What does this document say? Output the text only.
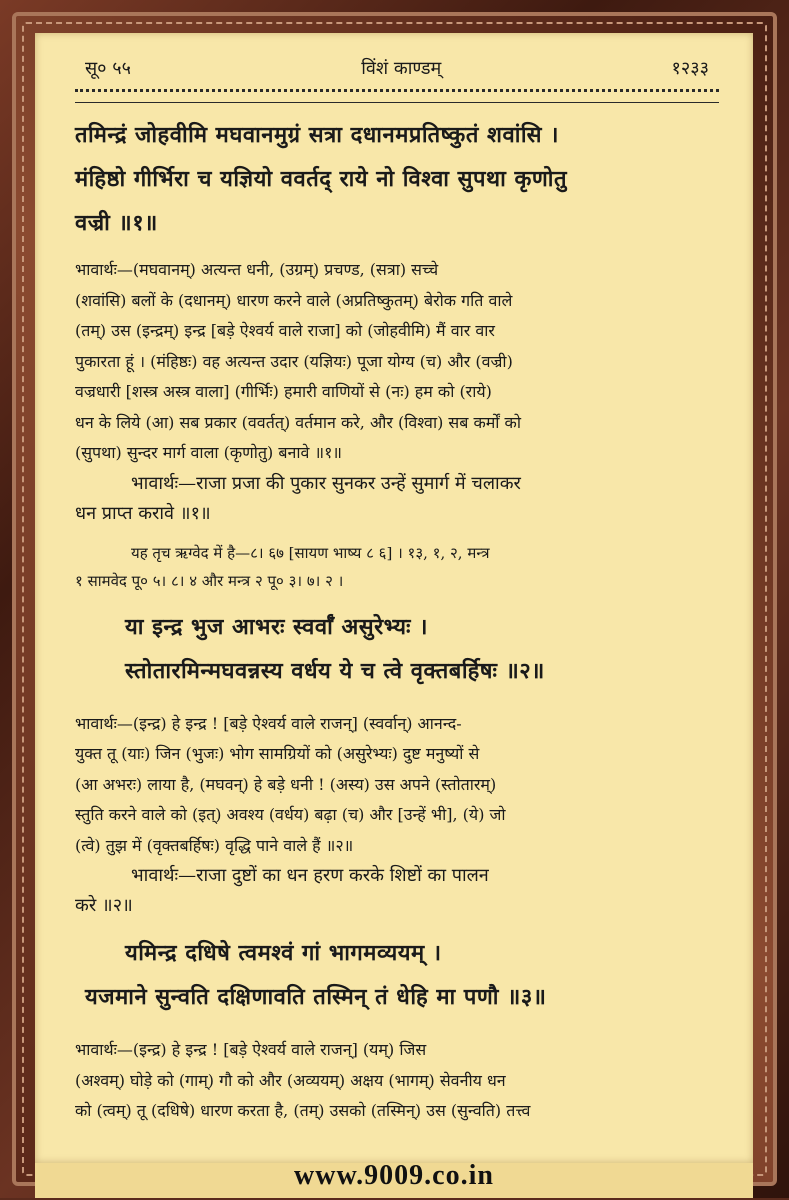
सू० ५५	विंशं काण्डम्	१२३३

तमिन्द्रं जोहवीमि मघवानमुग्रं सत्रा दधानमप्रतिष्कुतं शवांसि ।

मंहिष्ठो गीर्भिरा च यज्ञियो ववर्तद् राये नो विश्वा सुपथा कृणोतु

वज्री ॥१॥

भावार्थः—(मघवानम्) अत्यन्त धनी, (उग्रम्) प्रचण्ड, (सत्रा) सच्चे

(शवांसि) बलों के (दधानम्) धारण करने वाले (अप्रतिष्कुतम्) बेरोक गति वाले

(तम्) उस (इन्द्रम्) इन्द्र [बड़े ऐश्वर्य वाले राजा] को (जोहवीमि) मैं वार वार

पुकारता हूं । (मंहिष्ठः) वह अत्यन्त उदार (यज्ञियः) पूजा योग्य (च) और (वज्री)

वज्रधारी [शस्त्र अस्त्र वाला] (गीर्भिः) हमारी वाणियों से (नः) हम को (राये)

धन के लिये (आ) सब प्रकार (ववर्तत्) वर्तमान करे, और (विश्वा) सब कर्मों को

(सुपथा) सुन्दर मार्ग वाला (कृणोतु) बनावे ॥१॥

भावार्थः—राजा प्रजा की पुकार सुनकर उन्हें सुमार्ग में चलाकर

धन प्राप्त करावे ॥१॥

यह तृच ऋग्वेद में है—८। ६७ [सायण भाष्य ८ ६] । १३, १, २, मन्त्र

१ सामवेद पू० ५। ८। ४ और मन्त्र २ पू० ३। ७। २ ।

या इन्द्र भुज आभरः स्वर्वाँ असुरेभ्यः ।

स्तोतारमिन्मघवन्नस्य वर्धय ये च त्वे वृक्तबर्हिषः ॥२॥

भावार्थः—(इन्द्र) हे इन्द्र ! [बड़े ऐश्वर्य वाले राजन्] (स्वर्वान्) आनन्द-

युक्त तू (याः) जिन (भुजः) भोग सामग्रियों को (असुरेभ्यः) दुष्ट मनुष्यों से

(आ अभरः) लाया है, (मघवन्) हे बड़े धनी ! (अस्य) उस अपने (स्तोतारम्)

स्तुति करने वाले को (इत्) अवश्य (वर्धय) बढ़ा (च) और [उन्हें भी], (ये) जो

(त्वे) तुझ में (वृक्तबर्हिषः) वृद्धि पाने वाले हैं ॥२॥

भावार्थः—राजा दुष्टों का धन हरण करके शिष्टों का पालन

करे ॥२॥

यमिन्द्र दधिषे त्वमश्वं गां भागमव्ययम् ।

यजमाने सुन्वति दक्षिणावति तस्मिन् तं धेहि मा पणौ ॥३॥

भावार्थः—(इन्द्र) हे इन्द्र ! [बड़े ऐश्वर्य वाले राजन्] (यम्) जिस

(अश्वम्) घोड़े को (गाम्) गौ को और (अव्ययम्) अक्षय (भागम्) सेवनीय धन

को (त्वम्) तू (दधिषे) धारण करता है, (तम्) उसको (तस्मिन्) उस (सुन्वति) तत्त्व

www.9009.co.in
